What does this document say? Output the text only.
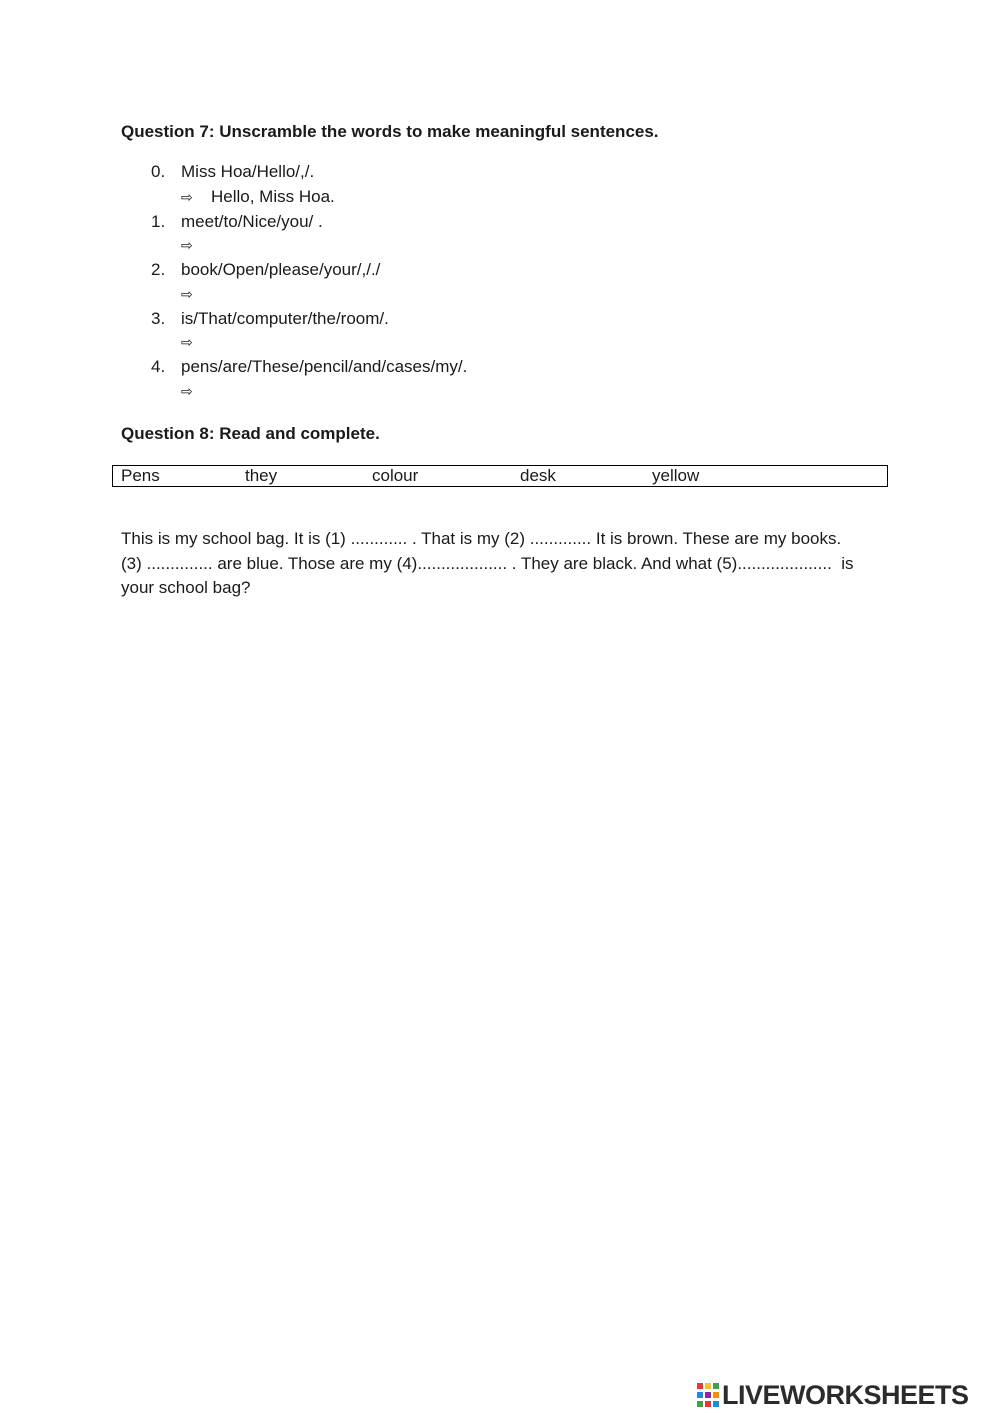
Question 7: Unscramble the words to make meaningful sentences.
0. Miss Hoa/Hello/,/.
⇨ Hello, Miss Hoa.
1. meet/to/Nice/you/ .
⇨
2. book/Open/please/your/,/./
⇨
3. is/That/computer/the/room/.
⇨
4. pens/are/These/pencil/and/cases/my/.
⇨
Question 8: Read and complete.
Pens	they	colour	desk	yellow
This is my school bag. It is (1) ............ . That is my (2) ............. It is brown. These are my books. (3) .............. are blue. Those are my (4)................... . They are black. And what (5)....................  is your school bag?
LIVEWORKSHEETS
